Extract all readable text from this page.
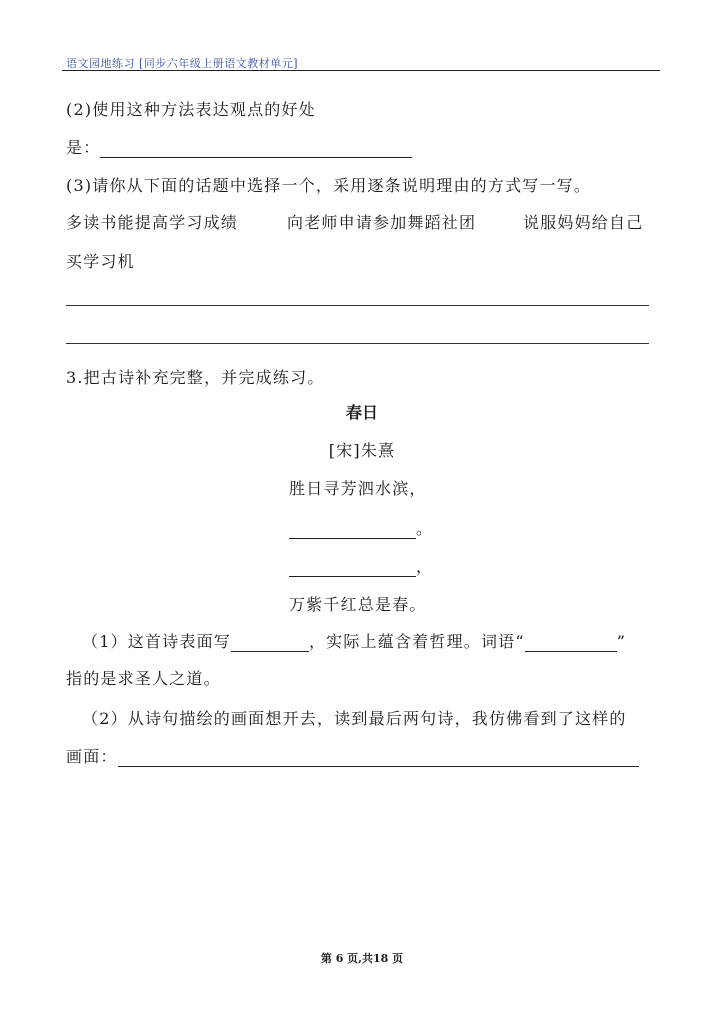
语文园地练习 [同步六年级上册语文教材单元]
(2)使用这种方法表达观点的好处
是：
(3)请你从下面的话题中选择一个，采用逐条说明理由的方式写一写。
多读书能提高学习成绩	向老师申请参加舞蹈社团	说服妈妈给自己
买学习机
3.把古诗补充完整，并完成练习。
春日
[宋]朱熹
胜日寻芳泗水滨，
。
，
万紫千红总是春。
（1）这首诗表面写	，实际上蕴含着哲理。词语“	”
指的是求圣人之道。
（2）从诗句描绘的画面想开去，读到最后两句诗，我仿佛看到了这样的
画面：
第 6 页,共18 页
